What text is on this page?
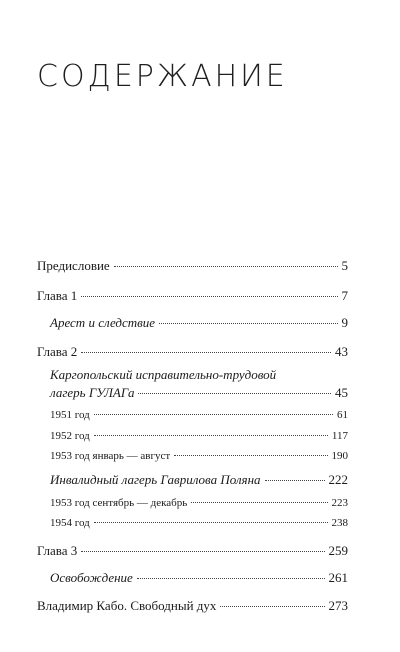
СОДЕРЖАНИЕ
Предисловие	5
Глава 1	7
Арест и следствие	9
Глава 2	43
Каргопольский исправительно-трудовой
лагерь ГУЛАГа	45
1951 год	61
1952 год	117
1953 год январь — август	190
Инвалидный лагерь Гаврилова Поляна	222
1953 год сентябрь — декабрь	223
1954 год	238
Глава 3	259
Освобождение	261
Владимир Кабо. Свободный дух	273
